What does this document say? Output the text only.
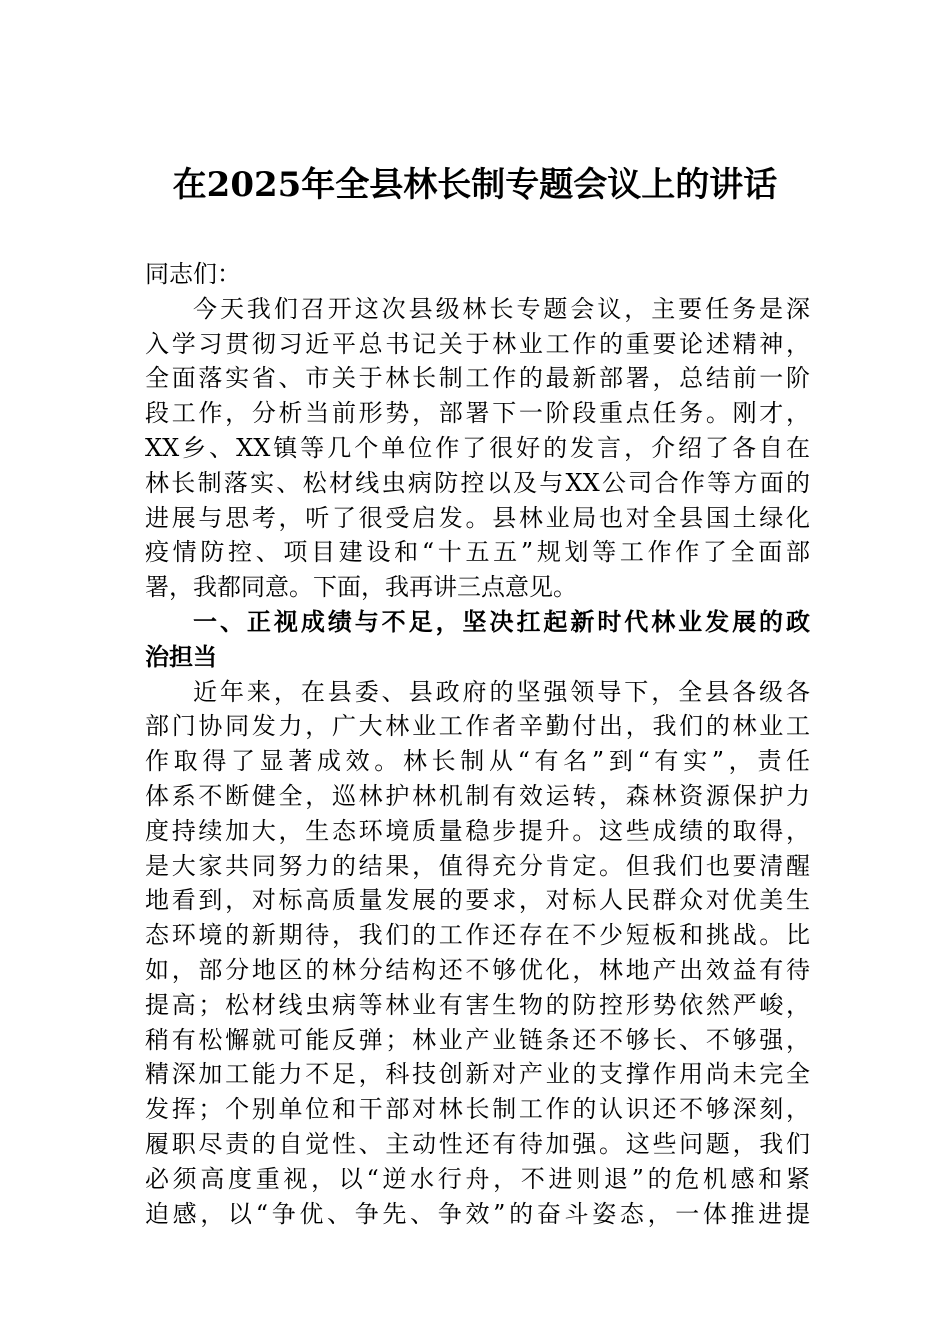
在2025年全县林长制专题会议上的讲话
同志们：
今天我们召开这次县级林长专题会议，主要任务是深
入学习贯彻习近平总书记关于林业工作的重要论述精神，
全面落实省、市关于林长制工作的最新部署，总结前一阶
段工作，分析当前形势，部署下一阶段重点任务。刚才，
XX乡、XX镇等几个单位作了很好的发言，介绍了各自在
林长制落实、松材线虫病防控以及与XX公司合作等方面的
进展与思考，听了很受启发。县林业局也对全县国土绿化
疫情防控、项目建设和“十五五”规划等工作作了全面部
署，我都同意。下面，我再讲三点意见。
一、正视成绩与不足，坚决扛起新时代林业发展的政
治担当
近年来，在县委、县政府的坚强领导下，全县各级各
部门协同发力，广大林业工作者辛勤付出，我们的林业工
作取得了显著成效。林长制从“有名”到“有实”，责任
体系不断健全，巡林护林机制有效运转，森林资源保护力
度持续加大，生态环境质量稳步提升。这些成绩的取得，
是大家共同努力的结果，值得充分肯定。但我们也要清醒
地看到，对标高质量发展的要求，对标人民群众对优美生
态环境的新期待，我们的工作还存在不少短板和挑战。比
如，部分地区的林分结构还不够优化，林地产出效益有待
提高；松材线虫病等林业有害生物的防控形势依然严峻，
稍有松懈就可能反弹；林业产业链条还不够长、不够强，
精深加工能力不足，科技创新对产业的支撑作用尚未完全
发挥；个别单位和干部对林长制工作的认识还不够深刻，
履职尽责的自觉性、主动性还有待加强。这些问题，我们
必须高度重视，以“逆水行舟，不进则退”的危机感和紧
迫感，以“争优、争先、争效”的奋斗姿态，一体推进提
